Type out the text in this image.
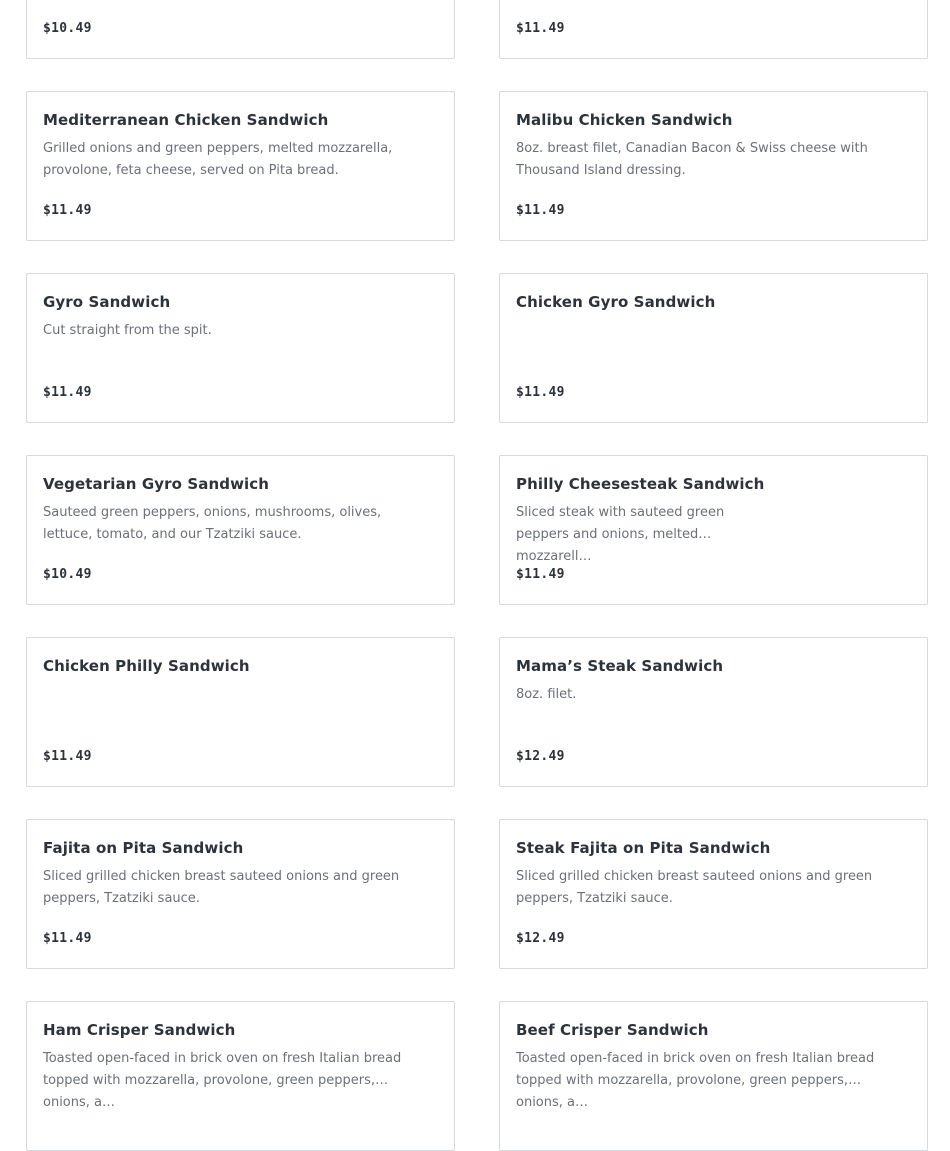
$10.49	$11.49
Mediterranean Chicken Sandwich
Grilled onions and green peppers, melted mozzarella, provolone, feta cheese, served on Pita bread.
$11.49
Malibu Chicken Sandwich
8oz. breast filet, Canadian Bacon & Swiss cheese with Thousand Island dressing.
$11.49
Gyro Sandwich
Cut straight from the spit.
$11.49
Chicken Gyro Sandwich
$11.49
Vegetarian Gyro Sandwich
Sauteed green peppers, onions, mushrooms, olives, lettuce, tomato, and our Tzatziki sauce.
$10.49
Philly Cheesesteak Sandwich
Sliced steak with sauteed green peppers and onions, melted mozzarell…
$11.49
Chicken Philly Sandwich
$11.49
Mama’s Steak Sandwich
8oz. filet.
$12.49
Fajita on Pita Sandwich
Sliced grilled chicken breast sauteed onions and green peppers, Tzatziki sauce.
$11.49
Steak Fajita on Pita Sandwich
Sliced grilled chicken breast sauteed onions and green peppers, Tzatziki sauce.
$12.49
Ham Crisper Sandwich
Toasted open-faced in brick oven on fresh Italian bread topped with mozzarella, provolone, green peppers, onions, a…
Beef Crisper Sandwich
Toasted open-faced in brick oven on fresh Italian bread topped with mozzarella, provolone, green peppers, onions, a…
